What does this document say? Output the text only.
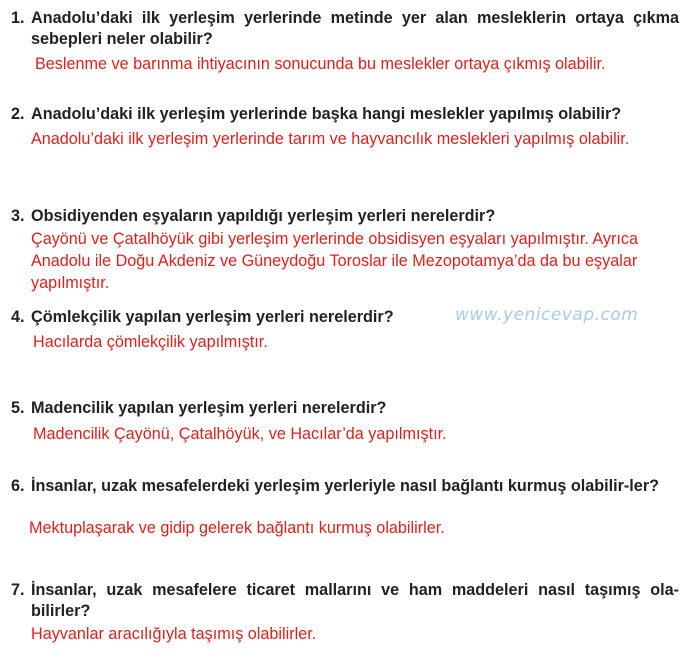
1. Anadolu’daki ilk yerleşim yerlerinde metinde yer alan mesleklerin ortaya çıkma sebepleri neler olabilir?
Beslenme ve barınma ihtiyacının sonucunda bu meslekler ortaya çıkmış olabilir.
2. Anadolu’daki ilk yerleşim yerlerinde başka hangi meslekler yapılmış olabilir?
Anadolu’daki ilk yerleşim yerlerinde tarım ve hayvancılık meslekleri yapılmış olabilir.
3. Obsidiyenden eşyaların yapıldığı yerleşim yerleri nerelerdir?
Çayönü ve Çatalhöyük gibi yerleşim yerlerinde obsidisyen eşyaları yapılmıştır. Ayrıca Anadolu ile Doğu Akdeniz ve Güneydoğu Toroslar ile Mezopotamya’da da bu eşyalar yapılmıştır.
4. Çömlekçilik yapılan yerleşim yerleri nerelerdir?	www.yenicevap.com
Hacılarda çömlekçilik yapılmıştır.
5. Madencilik yapılan yerleşim yerleri nerelerdir?
Madencilik Çayönü, Çatalhöyük, ve Hacılar’da yapılmıştır.
6. İnsanlar, uzak mesafelerdeki yerleşim yerleriyle nasıl bağlantı kurmuş olabilir-ler?
Mektuplaşarak ve gidip gelerek bağlantı kurmuş olabilirler.
7. İnsanlar, uzak mesafelere ticaret mallarını ve ham maddeleri nasıl taşımış ola-bilirler?
Hayvanlar aracılığıyla taşımış olabilirler.
